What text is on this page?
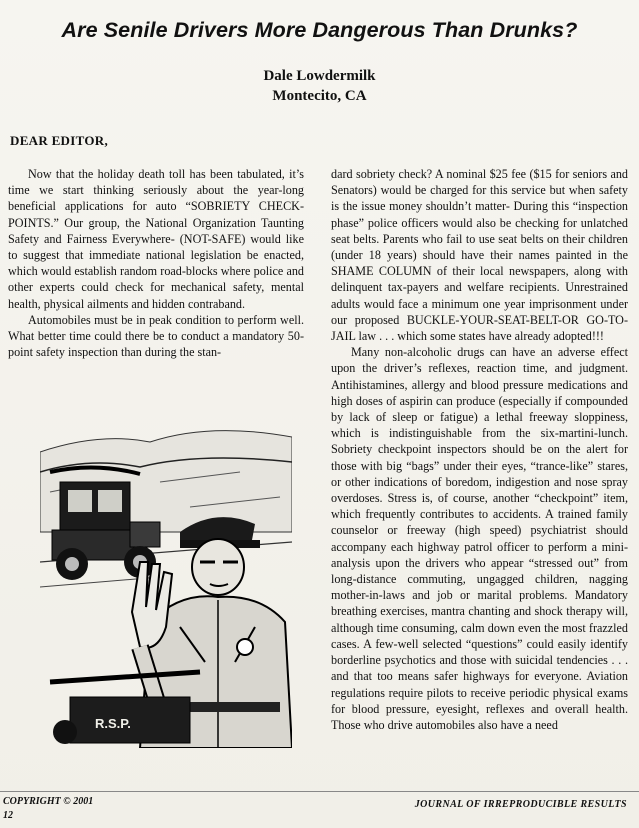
Are Senile Drivers More Dangerous Than Drunks?
Dale Lowdermilk
Montecito, CA
DEAR EDITOR,

Now that the holiday death toll has been tabulated, it’s time we start thinking seriously about the year-long beneficial applications for auto “SOBRIETY CHECK-POINTS.” Our group, the National Organization Taunting Safety and Fairness Everywhere- (NOT-SAFE) would like to suggest that immediate national legislation be enacted, which would establish random road-blocks where police and other experts could check for mechanical safety, mental health, physical ailments and hidden contraband.

Automobiles must be in peak condition to perform well. What better time could there be to conduct a mandatory 50-point safety inspection than during the stan-

R.S.P.

dard sobriety check? A nominal $25 fee ($15 for seniors and Senators) would be charged for this service but when safety is the issue money shouldn’t matter- During this “inspection phase” police officers would also be checking for unlatched seat belts. Parents who fail to use seat belts on their children (under 18 years) should have their names painted in the SHAME COLUMN of their local newspapers, along with delinquent tax-payers and welfare recipients. Unrestrained adults would face a minimum one year imprisonment under our proposed BUCKLE-YOUR-SEAT-BELT-OR GO-TO-JAIL law . . . which some states have already adopted!!!

Many non-alcoholic drugs can have an adverse effect upon the driver’s reflexes, reaction time, and judgment. Antihistamines, allergy and blood pressure medications and high doses of aspirin can produce (especially if compounded by lack of sleep or fatigue) a lethal freeway sloppiness, which is indistinguishable from the six-martini-lunch. Sobriety checkpoint inspectors should be on the alert for those with big “bags” under their eyes, “trance-like” stares, or other indications of boredom, indigestion and nose spray overdoses. Stress is, of course, another “checkpoint” item, which frequently contributes to accidents. A trained family counselor or freeway (high speed) psychiatrist should accompany each highway patrol officer to perform a mini-analysis upon the drivers who appear “stressed out” from long-distance commuting, ungagged children, nagging mother-in-laws and job or marital problems. Mandatory breathing exercises, mantra chanting and shock therapy will, although time consuming, calm down even the most frazzled cases. A few-well selected “questions” could easily identify borderline psychotics and those with suicidal tendencies . . . and that too means safer highways for everyone. Aviation regulations require pilots to receive periodic physical exams for blood pressure, eyesight, reflexes and overall health. Those who drive automobiles also have a need

COPYRIGHT © 2001
12
JOURNAL OF IRREPRODUCIBLE RESULTS
